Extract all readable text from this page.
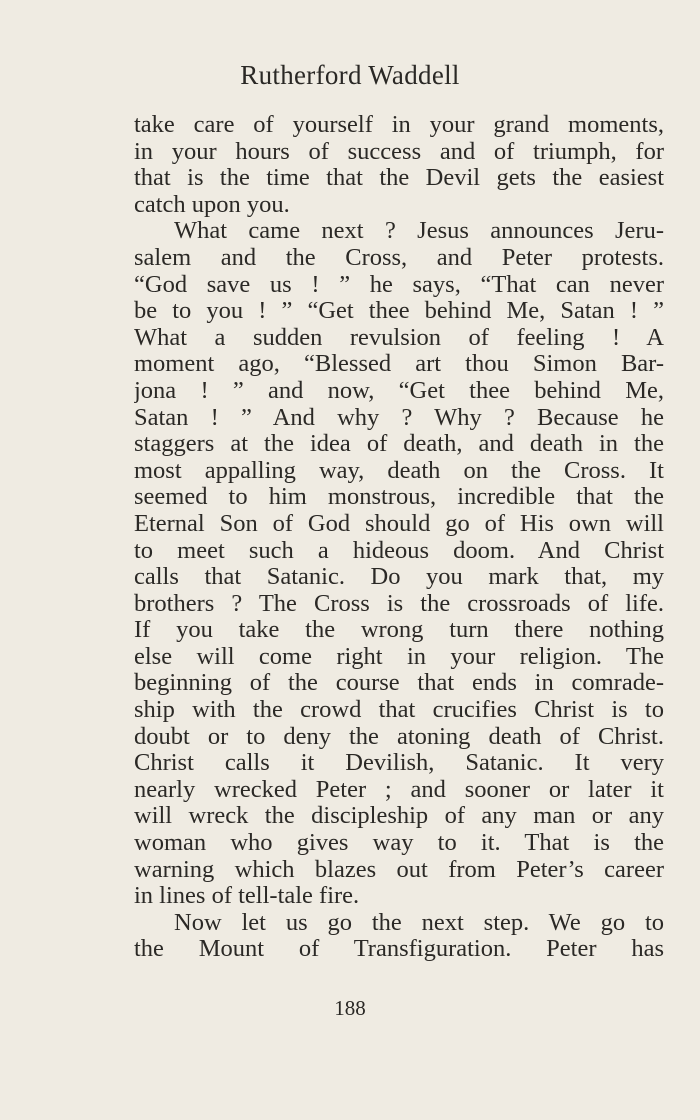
Rutherford Waddell
take care of yourself in your grand moments,
in your hours of success and of triumph, for
that is the time that the Devil gets the easiest
catch upon you.
What came next ? Jesus announces Jeru-
salem and the Cross, and Peter protests.
“God save us ! ” he says, “That can never
be to you ! ” “Get thee behind Me, Satan ! ”
What a sudden revulsion of feeling ! A
moment ago, “Blessed art thou Simon Bar-
jona ! ” and now, “Get thee behind Me,
Satan ! ” And why ? Why ? Because he
staggers at the idea of death, and death in the
most appalling way, death on the Cross. It
seemed to him monstrous, incredible that the
Eternal Son of God should go of His own will
to meet such a hideous doom. And Christ
calls that Satanic. Do you mark that, my
brothers ? The Cross is the crossroads of life.
If you take the wrong turn there nothing
else will come right in your religion. The
beginning of the course that ends in comrade-
ship with the crowd that crucifies Christ is to
doubt or to deny the atoning death of Christ.
Christ calls it Devilish, Satanic. It very
nearly wrecked Peter ; and sooner or later it
will wreck the discipleship of any man or any
woman who gives way to it. That is the
warning which blazes out from Peter’s career
in lines of tell-tale fire.
Now let us go the next step. We go to
the Mount of Transfiguration. Peter has
188
